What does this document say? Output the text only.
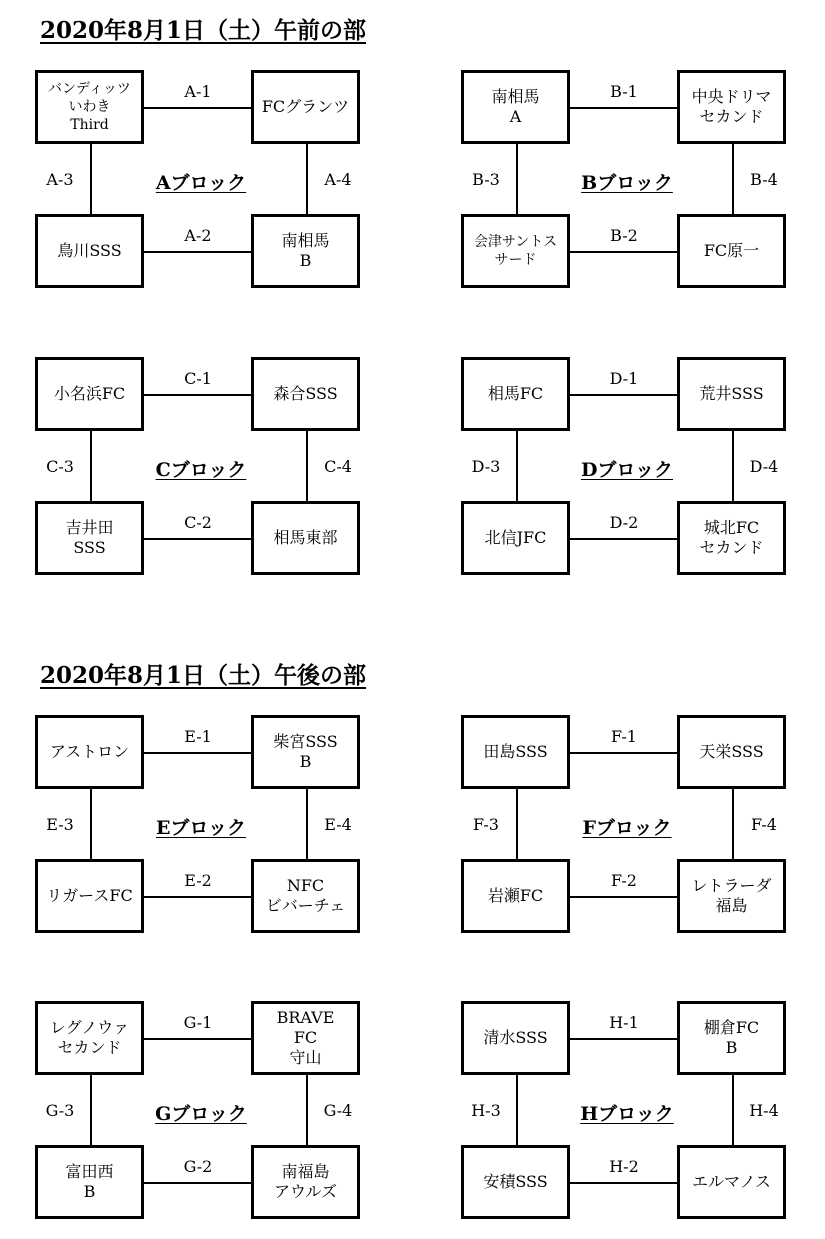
2020年8月1日（土）午前の部
2020年8月1日（土）午後の部
バンディッツ
いわき
Third
FCグランツ
鳥川SSS
南相馬
B
A-1
A-2
A-3	A-4
Aブロック
南相馬
A
中央ドリマ
セカンド
会津サントス
サード	FC原一
B-1
B-2
B-3	B-4
Bブロック
小名浜FC	森合SSS
吉井田
SSS
相馬東部
C-1
C-2
C-3	C-4
Cブロック
相馬FC	荒井SSS
北信JFC
城北FC
セカンド
D-1
D-2
D-3	D-4
Dブロック
アストロン
柴宮SSS
B
リガースFC
NFC
ビバーチェ
E-1
E-2
E-3	E-4
Eブロック
田島SSS	天栄SSS
岩瀬FC
レトラーダ
福島
F-1
F-2
F-3	F-4
Fブロック
レグノウァ
セカンド
BRAVE
FC
守山
富田西
B
南福島
アウルズ
G-1
G-2
G-3	G-4
Gブロック
清水SSS
棚倉FC
B
安積SSS	エルマノス
H-1
H-2
H-3	H-4
Hブロック
